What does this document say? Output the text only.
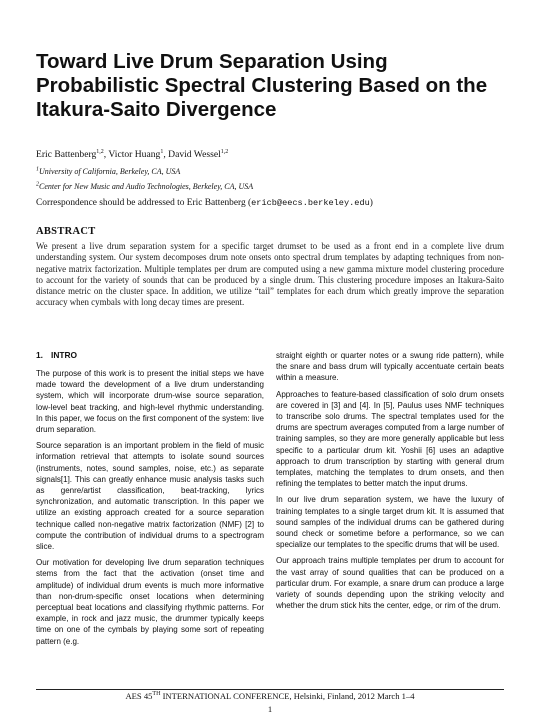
Toward Live Drum Separation Using Probabilistic Spectral Clustering Based on the Itakura-Saito Divergence

Eric Battenberg$^{1,2}$, Victor Huang$^1$, David Wessel$^{1,2}$

$^1$University of California, Berkeley, CA, USA

$^2$Center for New Music and Audio Technologies, Berkeley, CA, USA

Correspondence should be addressed to Eric Battenberg (ericb@eecs.berkeley.edu)

ABSTRACT

We present a live drum separation system for a specific target drumset to be used as a front end in a complete live drum understanding system. Our system decomposes drum note onsets onto spectral drum templates by adapting techniques from non-negative matrix factorization. Multiple templates per drum are computed using a new gamma mixture model clustering procedure to account for the variety of sounds that can be produced by a single drum. This clustering procedure imposes an Itakura-Saito distance metric on the cluster space. In addition, we utilize “tail” templates for each drum which greatly improve the separation accuracy when cymbals with long decay times are present.

1. INTRO

The purpose of this work is to present the initial steps we have made toward the development of a live drum understanding system, which will incorporate drum-wise source separation, low-level beat tracking, and high-level rhythmic understanding. In this paper, we focus on the first component of the system: live drum separation.

Source separation is an important problem in the field of music information retrieval that attempts to isolate sound sources (instruments, notes, sound samples, noise, etc.) as separate signals[1]. This can greatly enhance music analysis tasks such as genre/artist classification, beat-tracking, lyrics synchronization, and automatic transcription. In this paper we utilize an existing approach created for a source separation technique called non-negative matrix factorization (NMF) [2] to compute the contribution of individual drums to a spectrogram slice.

Our motivation for developing live drum separation techniques stems from the fact that the activation (onset time and amplitude) of individual drum events is much more informative than non-drum-specific onset locations when determining perceptual beat locations and classifying rhythmic patterns. For example, in rock and jazz music, the drummer typically keeps time on one of the cymbals by playing some sort of repeating pattern (e.g.

straight eighth or quarter notes or a swung ride pattern), while the snare and bass drum will typically accentuate certain beats within a measure.

Approaches to feature-based classification of solo drum onsets are covered in [3] and [4]. In [5], Paulus uses NMF techniques to transcribe solo drums. The spectral templates used for the drums are spectrum averages computed from a large number of training samples, so they are more generally applicable but less specific to a particular drum kit. Yoshii [6] uses an adaptive approach to drum transcription by starting with general drum templates, matching the templates to drum onsets, and then refining the templates to better match the input drums.

In our live drum separation system, we have the luxury of training templates to a single target drum kit. It is assumed that sound samples of the individual drums can be gathered during sound check or sometime before a performance, so we can specialize our templates to the specific drums that will be used.

Our approach trains multiple templates per drum to account for the vast array of sound qualities that can be produced on a particular drum. For example, a snare drum can produce a large variety of sounds depending upon the striking velocity and whether the drum stick hits the center, edge, or rim of the drum.

AES 45TH INTERNATIONAL CONFERENCE, Helsinki, Finland, 2012 March 1–4

1
